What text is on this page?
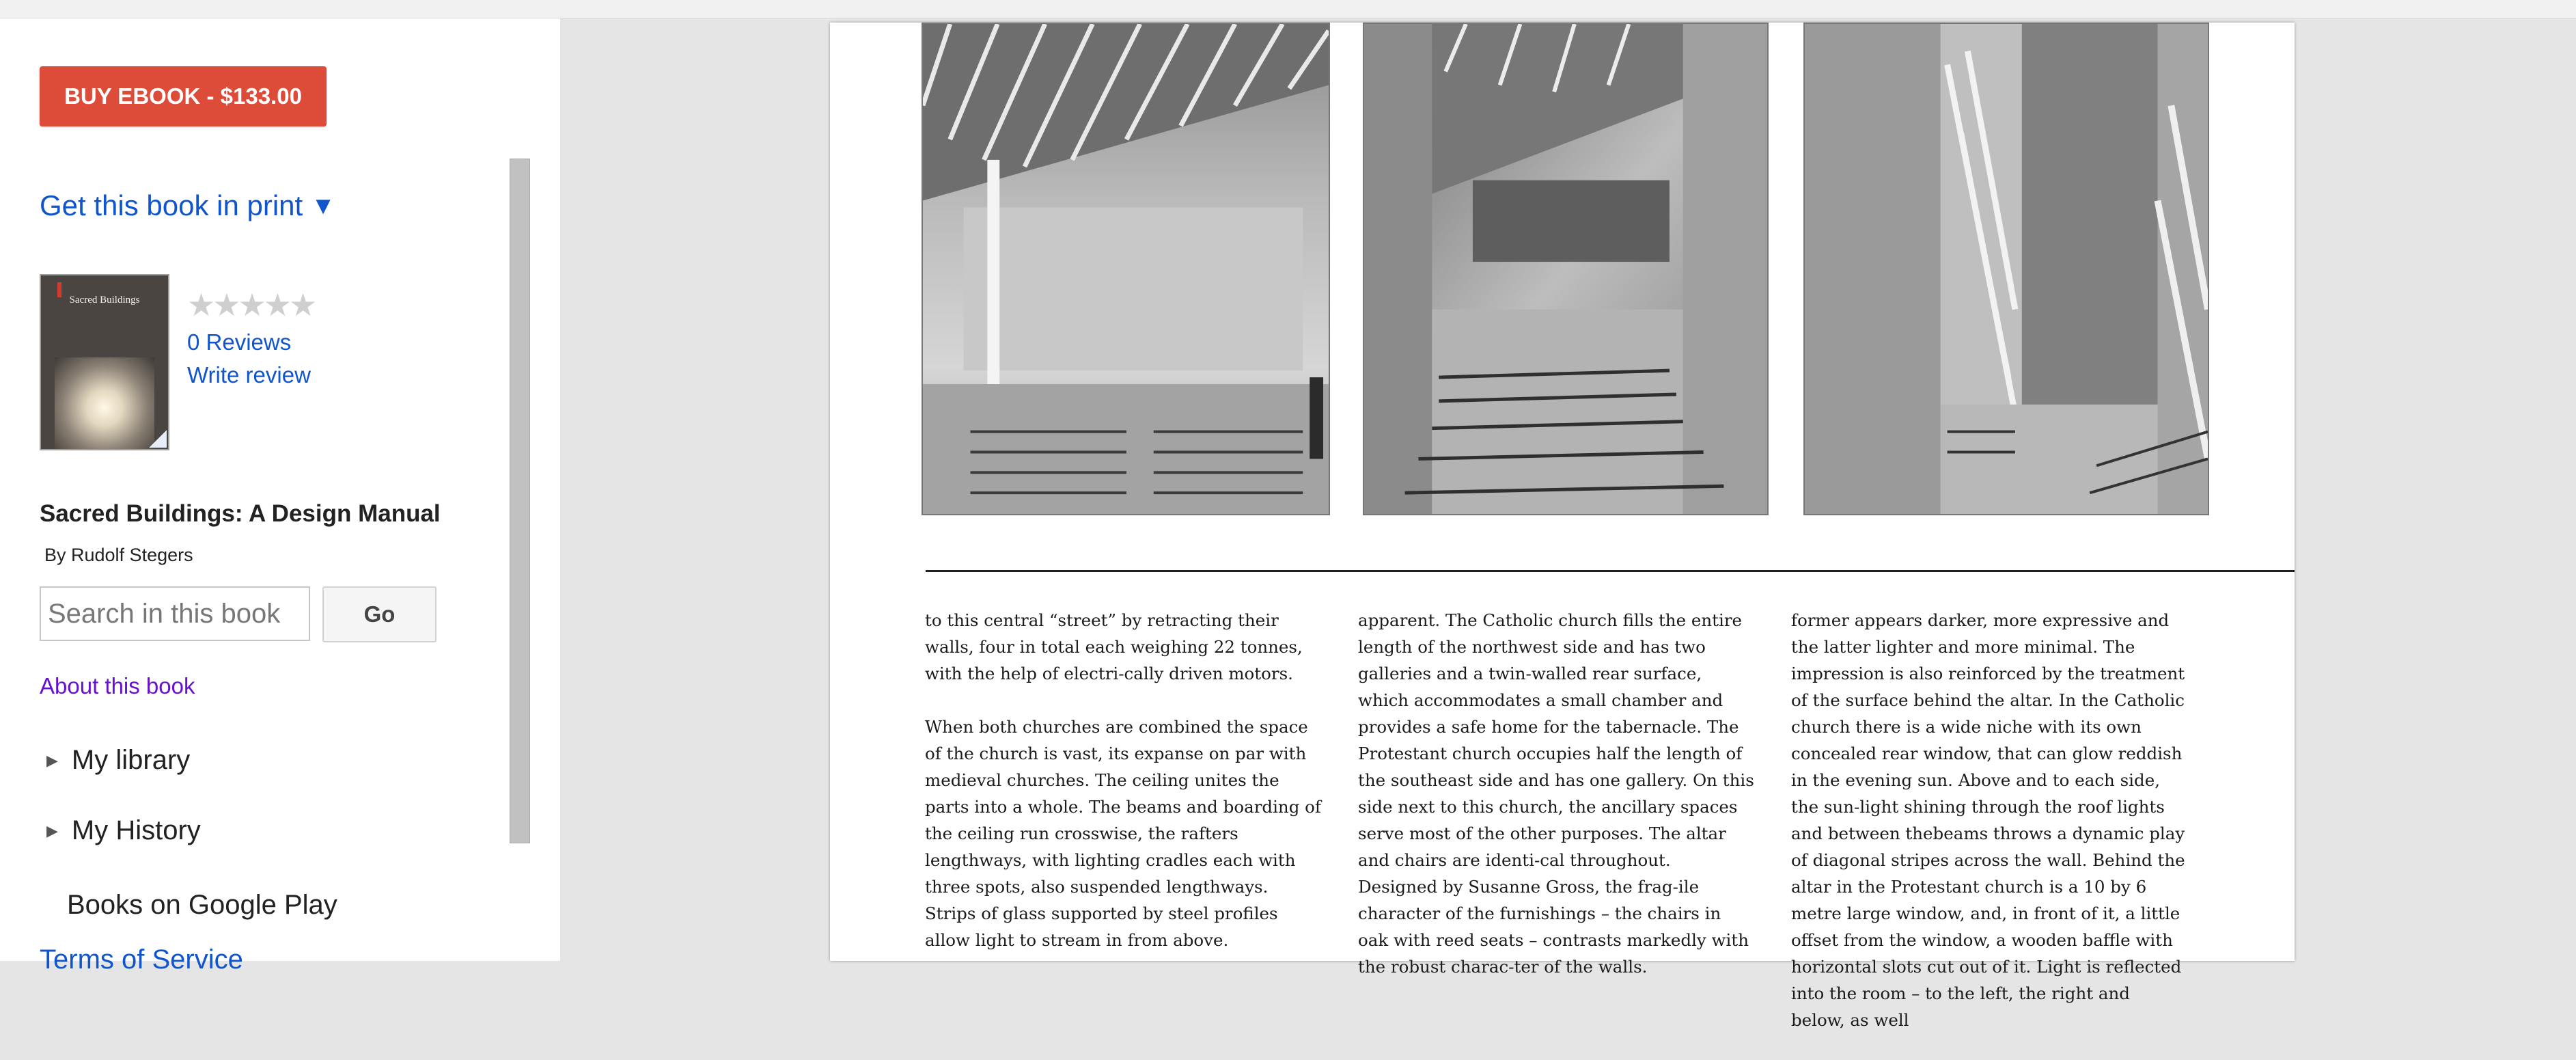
BUY EBOOK - $133.00
Get this book in print ▼
Sacred Buildings	★★★★★
0 Reviews
Write review
Sacred Buildings: A Design Manual
By Rudolf Stegers
Search in this book
Go
About this book
▶ My library
▶ My History
Books on Google Play
Terms of Service

to this central “street” by retracting their walls, four in total each weighing 22 tonnes, with the help of electri-cally driven motors.

When both churches are combined the space of the church is vast, its expanse on par with medieval churches. The ceiling unites the parts into a whole. The beams and boarding of the ceiling run crosswise, the rafters lengthways, with lighting cradles each with three spots, also suspended lengthways. Strips of glass supported by steel profiles allow light to stream in from above.

apparent. The Catholic church fills the entire length of the northwest side and has two galleries and a twin-walled rear surface, which accommodates a small chamber and provides a safe home for the tabernacle. The Protestant church occupies half the length of the southeast side and has one gallery. On this side next to this church, the ancillary spaces serve most of the other purposes. The altar and chairs are identi-cal throughout. Designed by Susanne Gross, the frag-ile character of the furnishings – the chairs in oak with reed seats – contrasts markedly with the robust charac-ter of the walls.

former appears darker, more expressive and the latter lighter and more minimal. The impression is also reinforced by the treatment of the surface behind the altar. In the Catholic church there is a wide niche with its own concealed rear window, that can glow reddish in the evening sun. Above and to each side, the sun-light shining through the roof lights and between thebeams throws a dynamic play of diagonal stripes across the wall. Behind the altar in the Protestant church is a 10 by 6 metre large window, and, in front of it, a little offset from the window, a wooden baffle with horizontal slots cut out of it. Light is reflected into the room – to the left, the right and below, as well
